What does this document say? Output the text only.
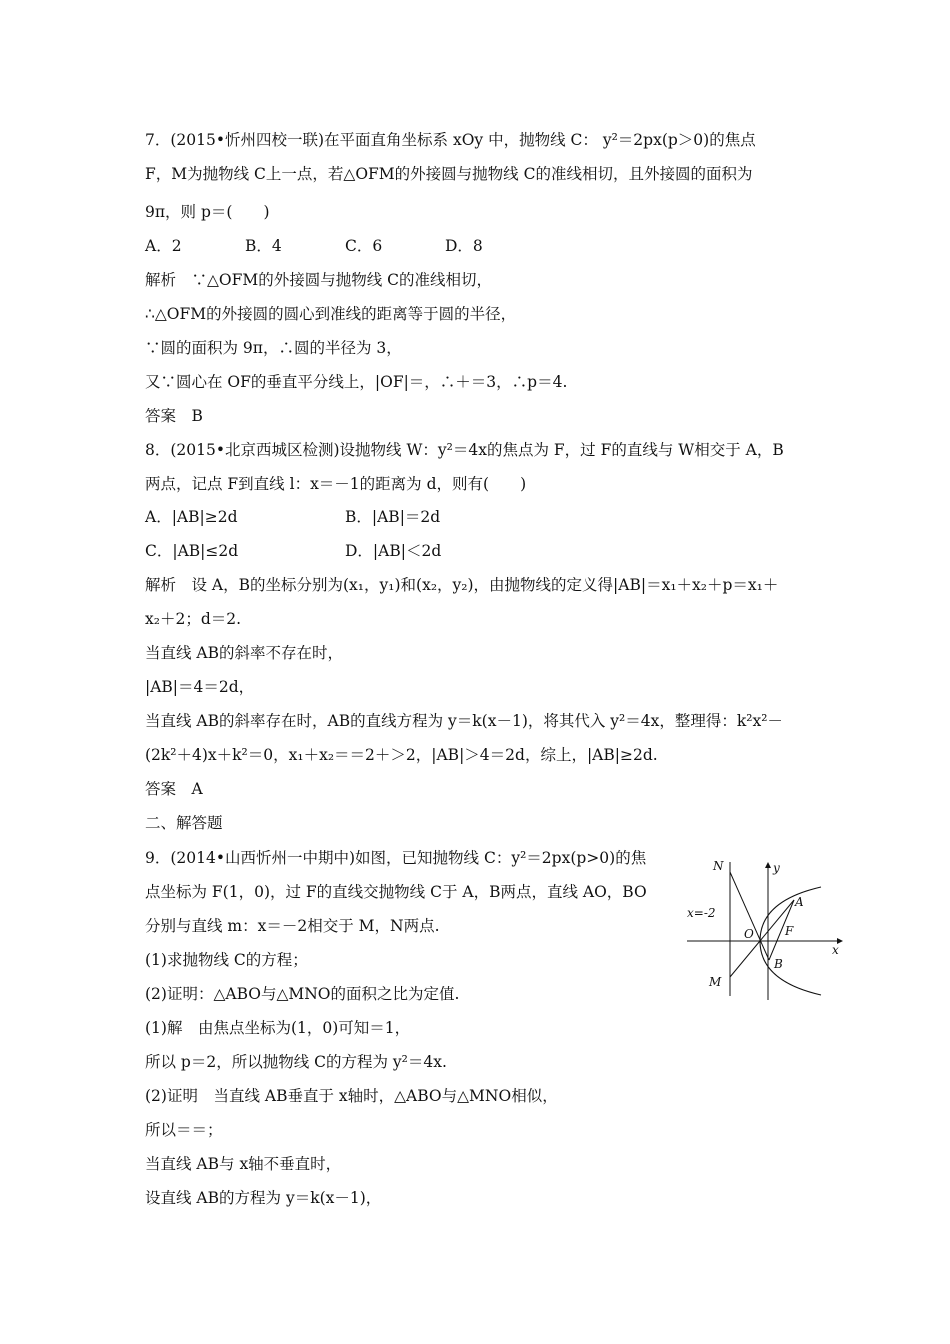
7．(2015•忻州四校一联)在平面直角坐标系 xOy 中，抛物线 C： y²＝2px(p＞0)的焦点
F，M为抛物线 C上一点，若△OFM的外接圆与抛物线 C的准线相切，且外接圆的面积为
9π，则 p＝(　　)
解析　∵△OFM的外接圆与抛物线 C的准线相切，
∴△OFM的外接圆的圆心到准线的距离等于圆的半径，
∵圆的面积为 9π，∴圆的半径为 3，
又∵圆心在 OF的垂直平分线上，|OF|＝，∴＋＝3，∴p＝4.
答案　B
8．(2015•北京西城区检测)设抛物线 W：y²＝4x的焦点为 F，过 F的直线与 W相交于 A，B
两点，记点 F到直线 l：x＝－1的距离为 d，则有(　　)
解析　设 A，B的坐标分别为(x₁，y₁)和(x₂，y₂)，由抛物线的定义得|AB|＝x₁＋x₂＋p＝x₁＋
x₂＋2；d＝2.
当直线 AB的斜率不存在时，
|AB|＝4＝2d，
当直线 AB的斜率存在时，AB的直线方程为 y＝k(x－1)，将其代入 y²＝4x，整理得：k²x²－
(2k²＋4)x＋k²＝0，x₁＋x₂＝＝2＋＞2，|AB|＞4＝2d，综上，|AB|≥2d.
答案　A
二、解答题
9．(2014•山西忻州一中期中)如图，已知抛物线 C：y²＝2px(p>0)的焦
点坐标为 F(1，0)，过 F的直线交抛物线 C于 A，B两点，直线 AO，BO
分别与直线 m：x＝－2相交于 M，N两点.
(1)求抛物线 C的方程；
(2)证明：△ABO与△MNO的面积之比为定值.
(1)解　由焦点坐标为(1，0)可知＝1，
所以 p＝2，所以抛物线 C的方程为 y²＝4x.
(2)证明　当直线 AB垂直于 x轴时，△ABO与△MNO相似，
所以＝＝；
当直线 AB与 x轴不垂直时，
设直线 AB的方程为 y＝k(x－1)，
A．2	B．4	C．6	D．8
A．|AB|≥2d	B．|AB|＝2d
C．|AB|≤2d	D．|AB|＜2d
N
M
O
A
B
F
x
y
x=-2
